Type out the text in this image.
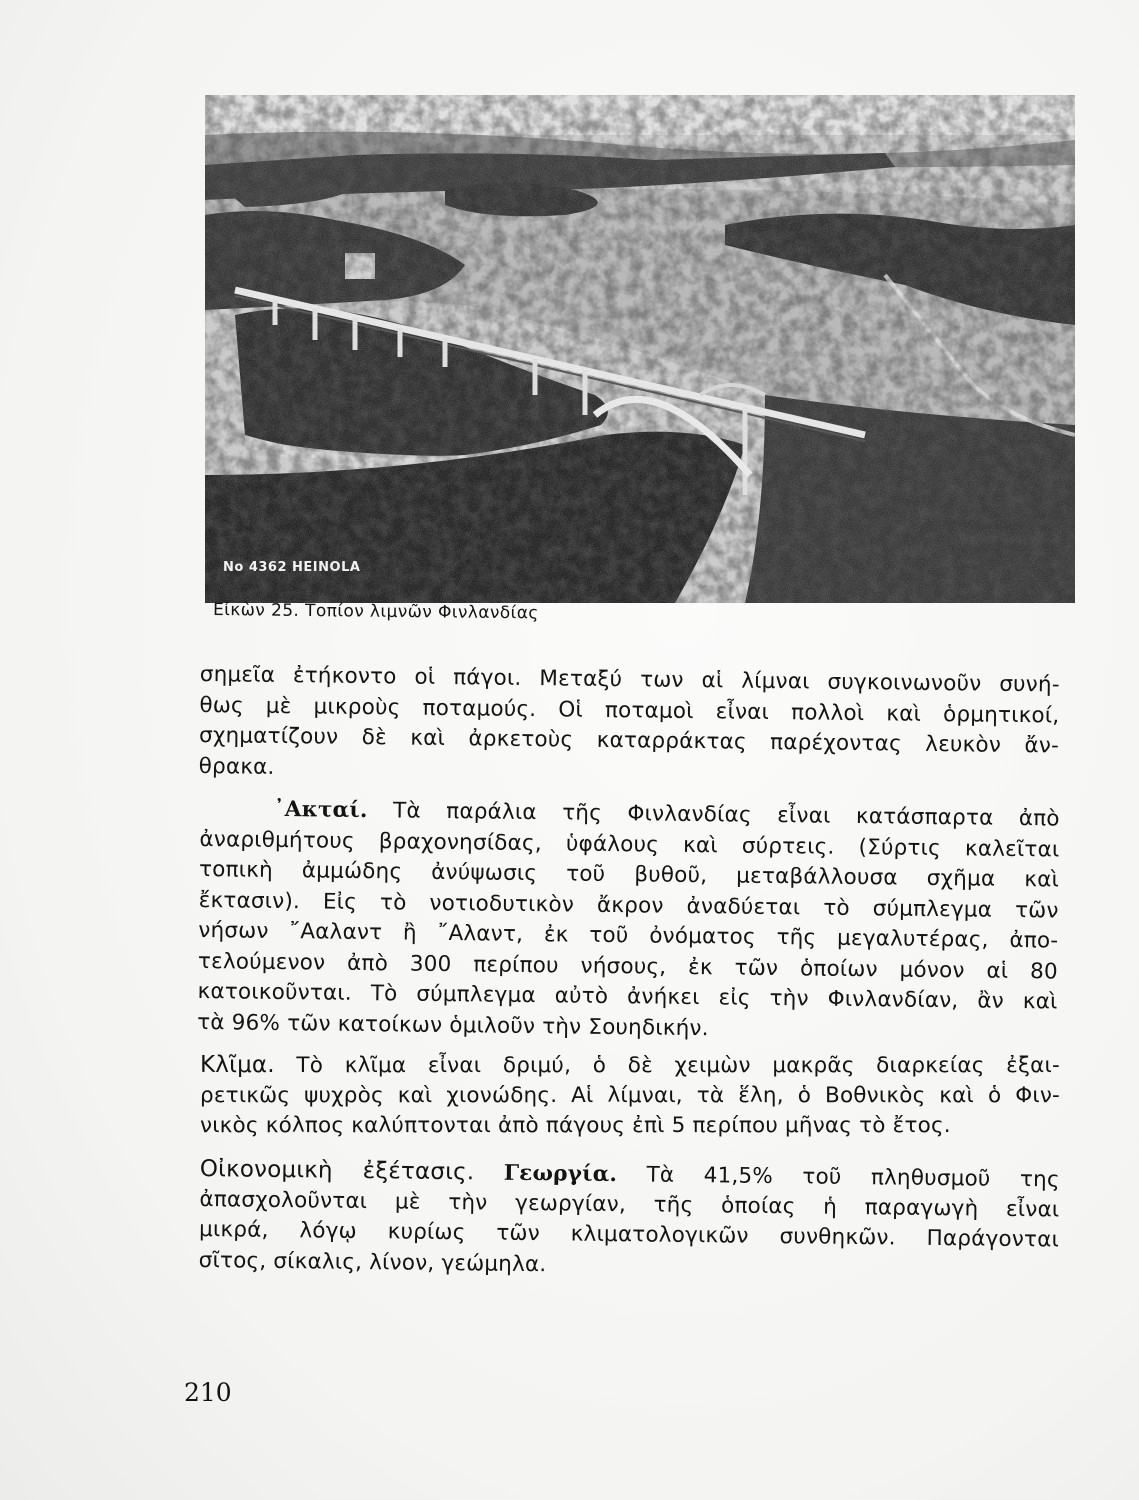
No 4362 HEINOLA
Εἰκὼν 25. Τοπίον λιμνῶν Φινλανδίας
σημεῖα ἐτήκοντο οἱ πάγοι. Μεταξύ των αἱ λίμναι συγκοινωνοῦν συνή-
θως μὲ μικροὺς ποταμούς. Οἱ ποταμοὶ εἶναι πολλοὶ καὶ ὁρμητικοί,
σχηματίζουν δὲ καὶ ἀρκετοὺς καταρράκτας παρέχοντας λευκὸν ἄν-
θρακα.
᾿Ακταί. Τὰ παράλια τῆς Φινλανδίας εἶναι κατάσπαρτα ἀπὸ
ἀναριθμήτους βραχονησίδας, ὑφάλους καὶ σύρτεις. (Σύρτις καλεῖται
τοπικὴ ἀμμώδης ἀνύψωσις τοῦ βυθοῦ, μεταβάλλουσα σχῆμα καὶ
ἔκτασιν). Εἰς τὸ νοτιοδυτικὸν ἄκρον ἀναδύεται τὸ σύμπλεγμα τῶν
νήσων ῎Ααλαντ ἢ ῎Αλαντ, ἐκ τοῦ ὀνόματος τῆς μεγαλυτέρας, ἀπο-
τελούμενον ἀπὸ 300 περίπου νήσους, ἐκ τῶν ὁποίων μόνον αἱ 80
κατοικοῦνται. Τὸ σύμπλεγμα αὐτὸ ἀνήκει εἰς τὴν Φινλανδίαν, ἂν καὶ
τὰ 96% τῶν κατοίκων ὁμιλοῦν τὴν Σουηδικήν.
Κλῖμα. Τὸ κλῖμα εἶναι δριμύ, ὁ δὲ χειμὼν μακρᾶς διαρκείας ἐξαι-
ρετικῶς ψυχρὸς καὶ χιονώδης. Αἱ λίμναι, τὰ ἕλη, ὁ Βοθνικὸς καὶ ὁ Φιν-
νικὸς κόλπος καλύπτονται ἀπὸ πάγους ἐπὶ 5 περίπου μῆνας τὸ ἔτος.
Οἰκονομικὴ ἐξέτασις. Γεωργία. Τὰ 41,5% τοῦ πληθυσμοῦ της
ἀπασχολοῦνται μὲ τὴν γεωργίαν, τῆς ὁποίας ἡ παραγωγὴ εἶναι
μικρά, λόγῳ κυρίως τῶν κλιματολογικῶν συνθηκῶν. Παράγονται
σῖτος, σίκαλις, λίνον, γεώμηλα.
210
